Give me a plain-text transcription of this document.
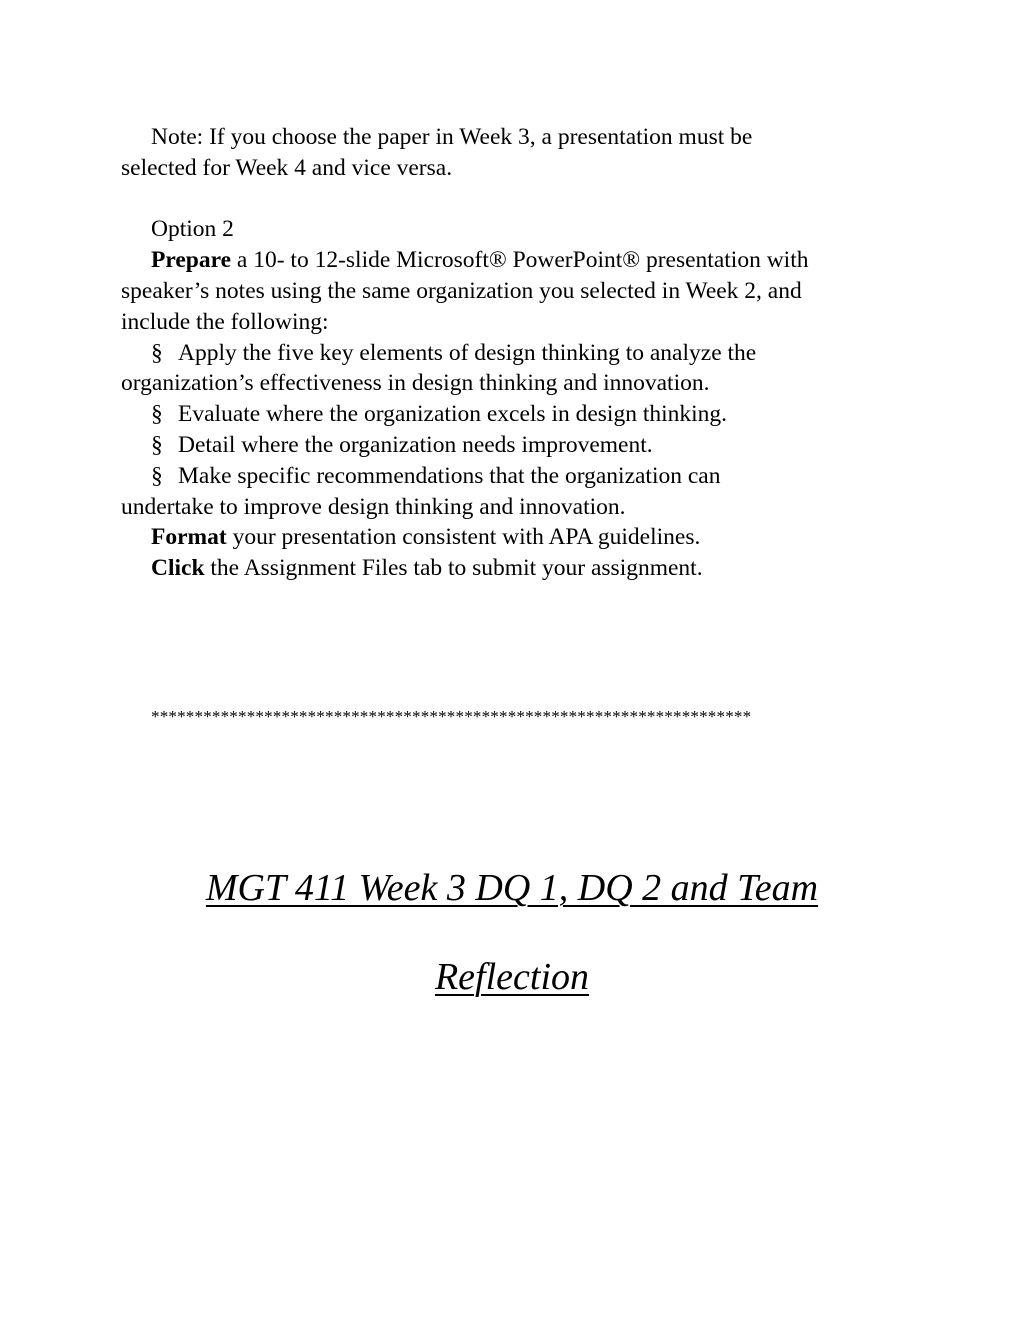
Note: If you choose the paper in Week 3, a presentation must be
selected for Week 4 and vice versa.
Option 2
Prepare a 10- to 12-slide Microsoft® PowerPoint® presentation with
speaker’s notes using the same organization you selected in Week 2, and
include the following:
§ Apply the five key elements of design thinking to analyze the
organization’s effectiveness in design thinking and innovation.
§ Evaluate where the organization excels in design thinking.
§ Detail where the organization needs improvement.
§ Make specific recommendations that the organization can
undertake to improve design thinking and innovation.
Format your presentation consistent with APA guidelines.
Click the Assignment Files tab to submit your assignment.
*********************************************************************
MGT 411 Week 3 DQ 1, DQ 2 and Team
Reflection
